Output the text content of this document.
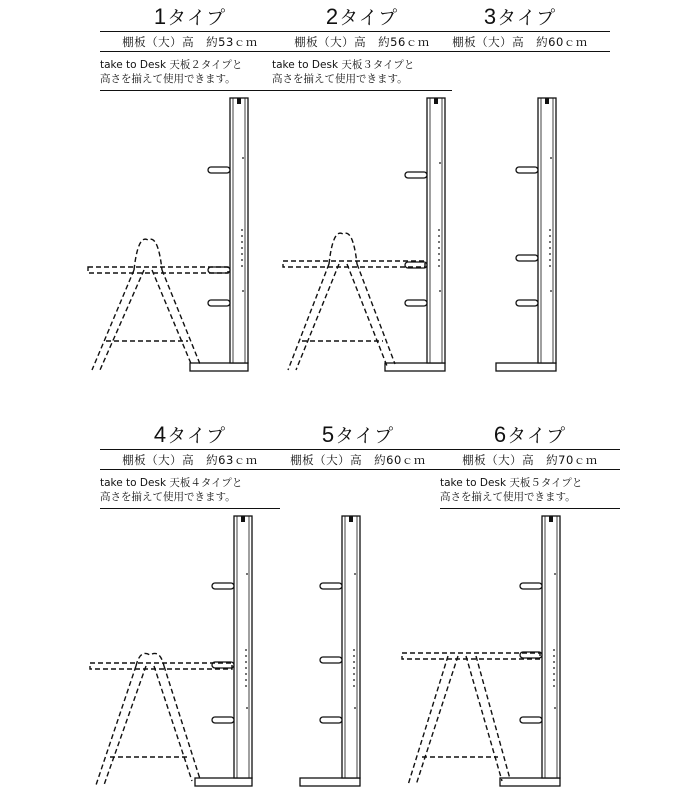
1タイプ
棚板（大）高　約53ｃｍ
take to Desk 天板２タイプと
高さを揃えて使用できます。
2タイプ
棚板（大）高　約56ｃｍ
take to Desk 天板３タイプと
高さを揃えて使用できます。
3タイプ
棚板（大）高　約60ｃｍ
4タイプ
棚板（大）高　約63ｃｍ
take to Desk 天板４タイプと
高さを揃えて使用できます。
5タイプ
棚板（大）高　約60ｃｍ
6タイプ
棚板（大）高　約70ｃｍ
take to Desk 天板５タイプと
高さを揃えて使用できます。
